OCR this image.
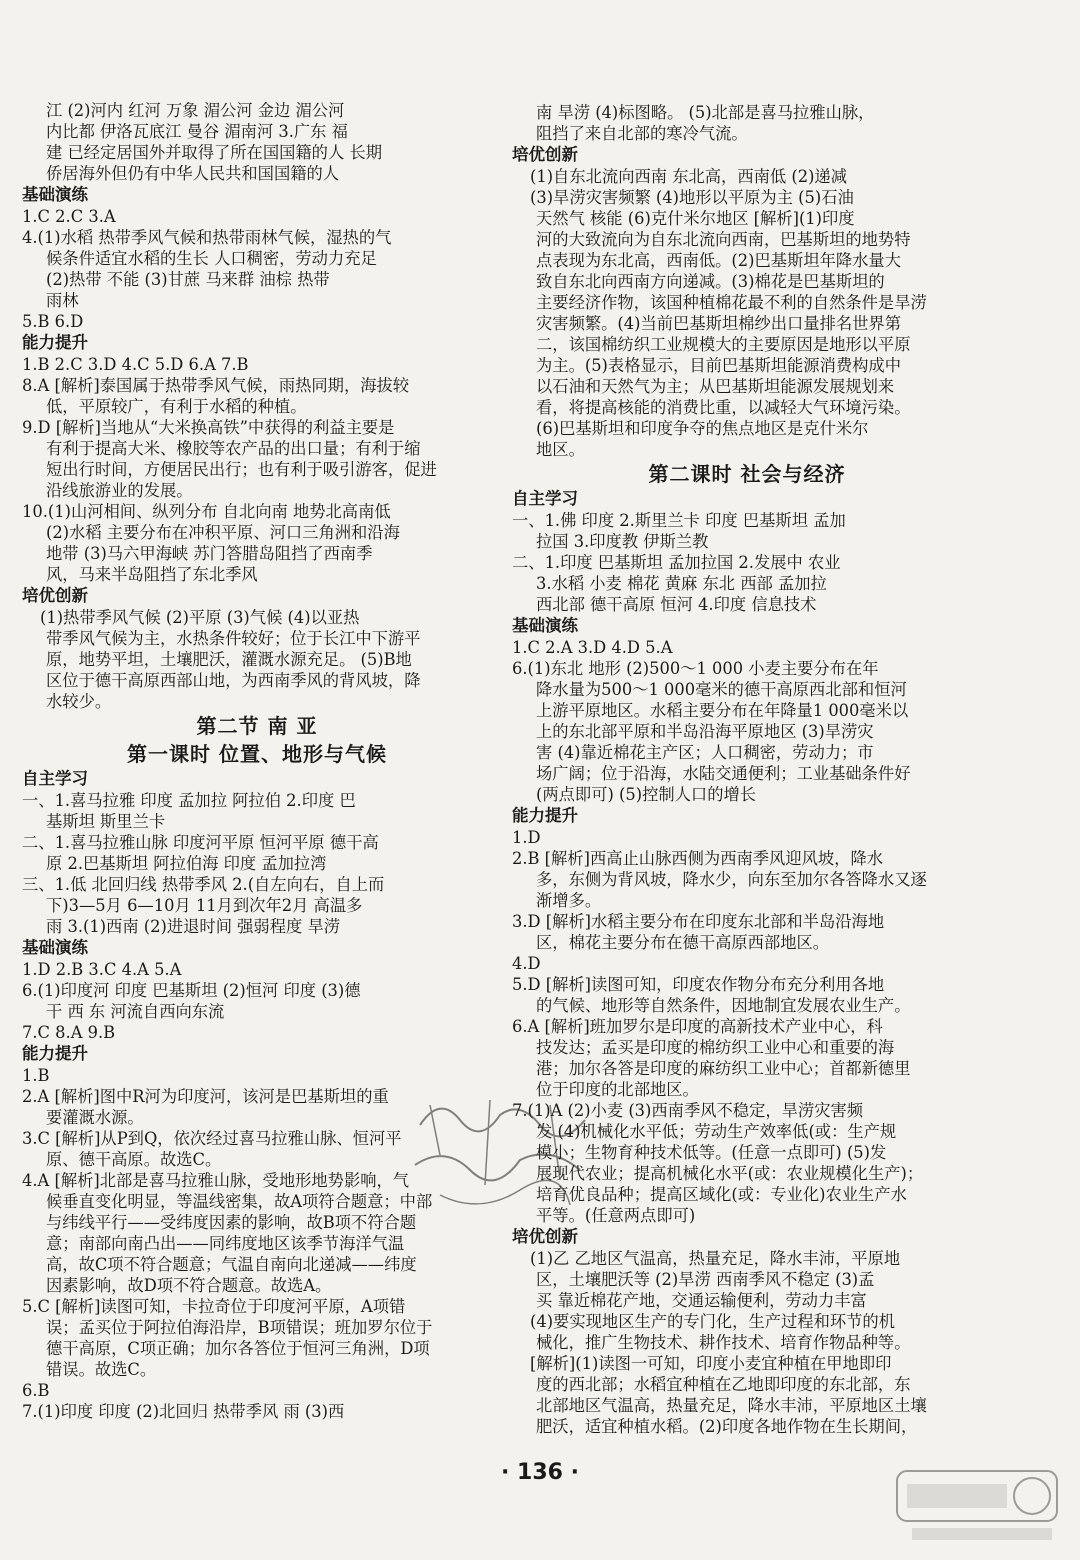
江 (2)河内 红河 万象 湄公河 金边 湄公河
内比都 伊洛瓦底江 曼谷 湄南河 3.广东 福
建 已经定居国外并取得了所在国国籍的人 长期
侨居海外但仍有中华人民共和国国籍的人
基础演练
1.C 2.C 3.A
4.(1)水稻 热带季风气候和热带雨林气候，湿热的气
候条件适宜水稻的生长 人口稠密，劳动力充足
(2)热带 不能 (3)甘蔗 马来群 油棕 热带
雨林
5.B 6.D
能力提升
1.B 2.C 3.D 4.C 5.D 6.A 7.B
8.A [解析]泰国属于热带季风气候，雨热同期，海拔较
低，平原较广，有利于水稻的种植。
9.D [解析]当地从“大米换高铁”中获得的利益主要是
有利于提高大米、橡胶等农产品的出口量；有利于缩
短出行时间，方便居民出行；也有利于吸引游客，促进
沿线旅游业的发展。
10.(1)山河相间、纵列分布 自北向南 地势北高南低
(2)水稻 主要分布在冲积平原、河口三角洲和沿海
地带 (3)马六甲海峡 苏门答腊岛阻挡了西南季
风，马来半岛阻挡了东北季风
培优创新
(1)热带季风气候 (2)平原 (3)气候 (4)以亚热
带季风气候为主，水热条件较好；位于长江中下游平
原，地势平坦，土壤肥沃，灌溉水源充足。 (5)B地
区位于德干高原西部山地，为西南季风的背风坡，降
水较少。
第二节 南 亚
第一课时 位置、地形与气候
自主学习
一、1.喜马拉雅 印度 孟加拉 阿拉伯 2.印度 巴
基斯坦 斯里兰卡
二、1.喜马拉雅山脉 印度河平原 恒河平原 德干高
原 2.巴基斯坦 阿拉伯海 印度 孟加拉湾
三、1.低 北回归线 热带季风 2.(自左向右，自上而
下)3—5月 6—10月 11月到次年2月 高温多
雨 3.(1)西南 (2)进退时间 强弱程度 旱涝
基础演练
1.D 2.B 3.C 4.A 5.A
6.(1)印度河 印度 巴基斯坦 (2)恒河 印度 (3)德
干 西 东 河流自西向东流
7.C 8.A 9.B
能力提升
1.B
2.A [解析]图中R河为印度河，该河是巴基斯坦的重
要灌溉水源。
3.C [解析]从P到Q，依次经过喜马拉雅山脉、恒河平
原、德干高原。故选C。
4.A [解析]北部是喜马拉雅山脉，受地形地势影响，气
候垂直变化明显，等温线密集，故A项符合题意；中部
与纬线平行——受纬度因素的影响，故B项不符合题
意；南部向南凸出——同纬度地区该季节海洋气温
高，故C项不符合题意；气温自南向北递减——纬度
因素影响，故D项不符合题意。故选A。
5.C [解析]读图可知，卡拉奇位于印度河平原，A项错
误；孟买位于阿拉伯海沿岸，B项错误；班加罗尔位于
德干高原，C项正确；加尔各答位于恒河三角洲，D项
错误。故选C。
6.B
7.(1)印度 印度 (2)北回归 热带季风 雨 (3)西
南 旱涝 (4)标图略。 (5)北部是喜马拉雅山脉，
阻挡了来自北部的寒冷气流。
培优创新
(1)自东北流向西南 东北高，西南低 (2)递减
(3)旱涝灾害频繁 (4)地形以平原为主 (5)石油
天然气 核能 (6)克什米尔地区 [解析](1)印度
河的大致流向为自东北流向西南，巴基斯坦的地势特
点表现为东北高，西南低。(2)巴基斯坦年降水量大
致自东北向西南方向递减。(3)棉花是巴基斯坦的
主要经济作物，该国种植棉花最不利的自然条件是旱涝
灾害频繁。(4)当前巴基斯坦棉纱出口量排名世界第
二，该国棉纺织工业规模大的主要原因是地形以平原
为主。(5)表格显示，目前巴基斯坦能源消费构成中
以石油和天然气为主；从巴基斯坦能源发展规划来
看，将提高核能的消费比重，以减轻大气环境污染。
(6)巴基斯坦和印度争夺的焦点地区是克什米尔
地区。
第二课时 社会与经济
自主学习
一、1.佛 印度 2.斯里兰卡 印度 巴基斯坦 孟加
拉国 3.印度教 伊斯兰教
二、1.印度 巴基斯坦 孟加拉国 2.发展中 农业
3.水稻 小麦 棉花 黄麻 东北 西部 孟加拉
西北部 德干高原 恒河 4.印度 信息技术
基础演练
1.C 2.A 3.D 4.D 5.A
6.(1)东北 地形 (2)500～1 000 小麦主要分布在年
降水量为500～1 000毫米的德干高原西北部和恒河
上游平原地区。水稻主要分布在年降量1 000毫米以
上的东北部平原和半岛沿海平原地区 (3)旱涝灾
害 (4)靠近棉花主产区；人口稠密，劳动力；市
场广阔；位于沿海，水陆交通便利；工业基础条件好
(两点即可) (5)控制人口的增长
能力提升
1.D
2.B [解析]西高止山脉西侧为西南季风迎风坡，降水
多，东侧为背风坡，降水少，向东至加尔各答降水又逐
渐增多。
3.D [解析]水稻主要分布在印度东北部和半岛沿海地
区，棉花主要分布在德干高原西部地区。
4.D
5.D [解析]读图可知，印度农作物分布充分利用各地
的气候、地形等自然条件，因地制宜发展农业生产。
6.A [解析]班加罗尔是印度的高新技术产业中心，科
技发达；孟买是印度的棉纺织工业中心和重要的海
港；加尔各答是印度的麻纺织工业中心；首都新德里
位于印度的北部地区。
7.(1)A (2)小麦 (3)西南季风不稳定，旱涝灾害频
发 (4)机械化水平低；劳动生产效率低(或：生产规
模小；生物育种技术低等。(任意一点即可) (5)发
展现代农业；提高机械化水平(或：农业规模化生产)；
培育优良品种；提高区域化(或：专业化)农业生产水
平等。(任意两点即可)
培优创新
(1)乙 乙地区气温高，热量充足，降水丰沛，平原地
区，土壤肥沃等 (2)旱涝 西南季风不稳定 (3)孟
买 靠近棉花产地，交通运输便利，劳动力丰富
(4)要实现地区生产的专门化，生产过程和环节的机
械化，推广生物技术、耕作技术、培育作物品种等。
[解析](1)读图一可知，印度小麦宜种植在甲地即印
度的西北部；水稻宜种植在乙地即印度的东北部，东
北部地区气温高，热量充足，降水丰沛，平原地区土壤
肥沃，适宜种植水稻。(2)印度各地作物在生长期间，
· 136 ·
